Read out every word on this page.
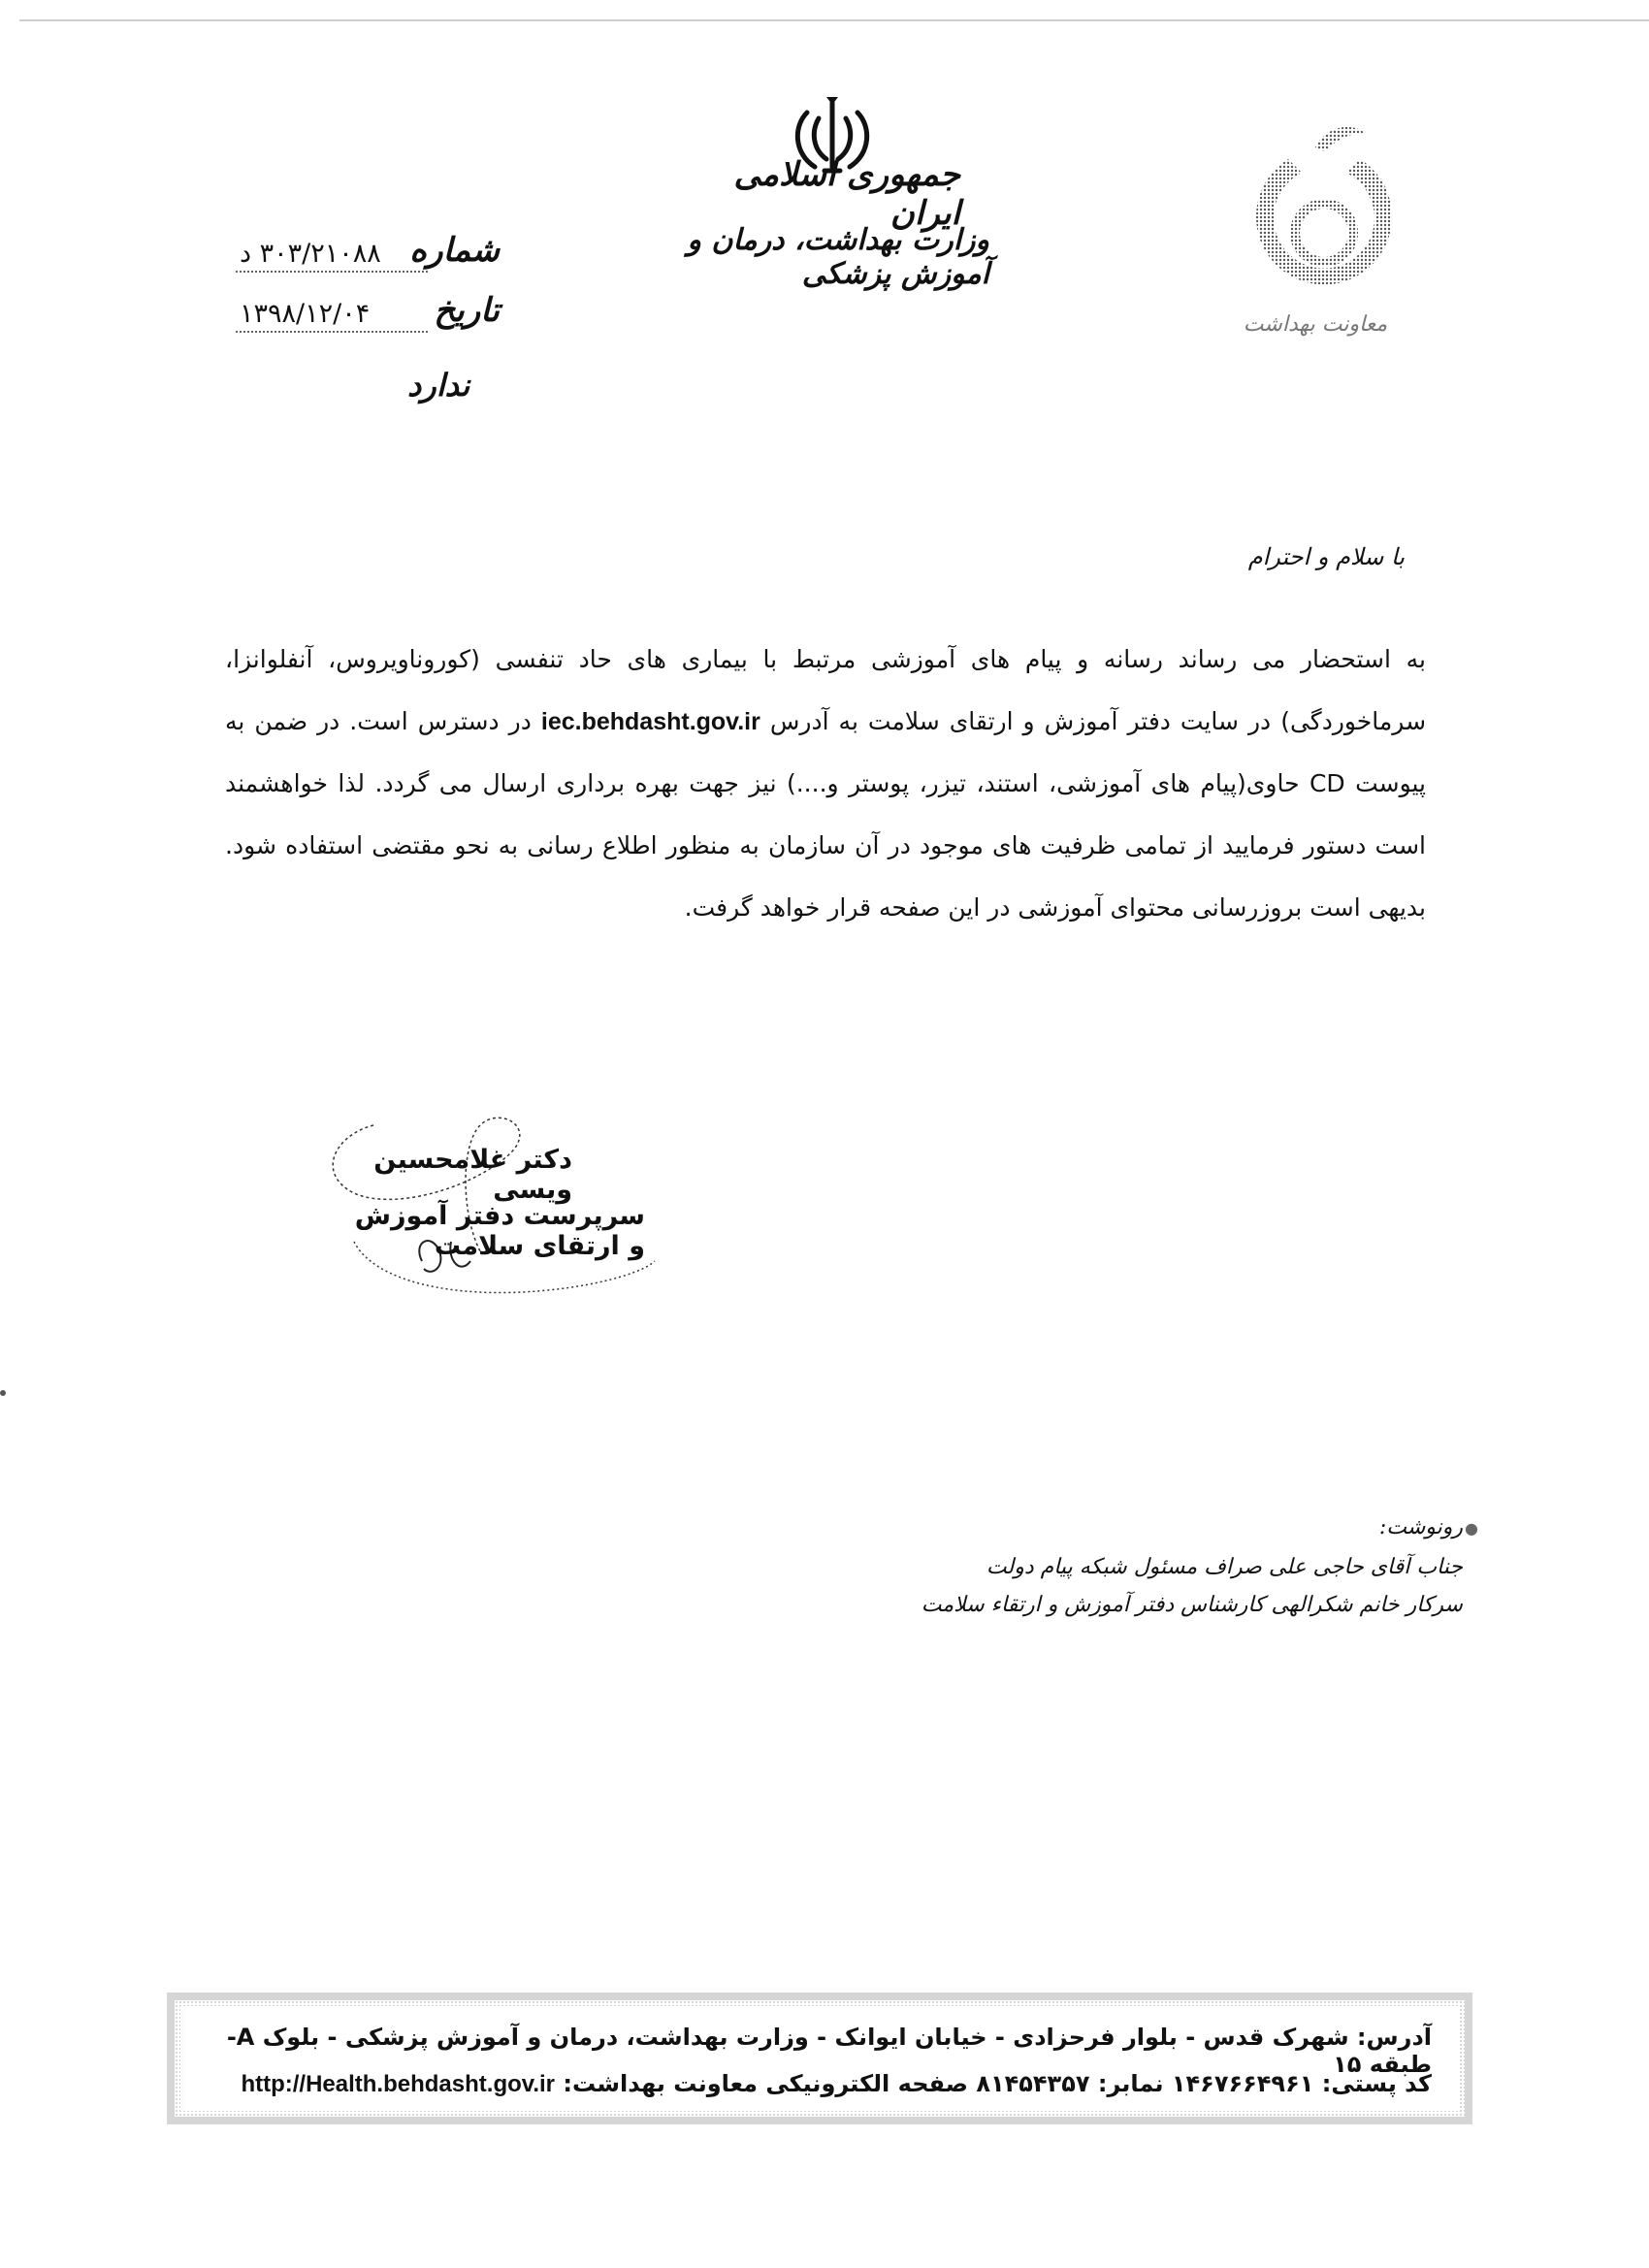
جمهوری اسلامی ایران
وزارت بهداشت، درمان و آموزش پزشکی
معاونت بهداشت
شماره
۳۰۳/۲۱۰۸۸ د
تاریخ
۱۳۹۸/۱۲/۰۴
ندارد
با سلام و احترام
به استحضار می رساند رسانه و پیام های آموزشی مرتبط با بیماری های حاد تنفسی (کوروناویروس، آنفلوانزا، سرماخوردگی) در سایت دفتر آموزش و ارتقای سلامت به آدرس iec.behdasht.gov.ir در دسترس است. در ضمن به پیوست CD حاوی(پیام های آموزشی، استند، تیزر، پوستر و....) نیز جهت بهره برداری ارسال می گردد. لذا خواهشمند است دستور فرمایید از تمامی ظرفیت های موجود در آن سازمان به منظور اطلاع رسانی به نحو مقتضی استفاده شود. بدیهی است بروزرسانی محتوای آموزشی در این صفحه قرار خواهد گرفت.
دکتر غلامحسین ویسی
سرپرست دفتر آموزش و ارتقای سلامت
رونوشت: ●
جناب آقای حاجی علی صراف مسئول شبکه پیام دولت
سرکار خانم شکرالهی کارشناس دفتر آموزش و ارتقاء سلامت
آدرس: شهرک قدس - بلوار فرحزادی - خیابان ایوانک - وزارت بهداشت، درمان و آموزش پزشکی - بلوک A- طبقه ۱۵
کد پستی: ۱۴۶۷۶۶۴۹۶۱ نمابر: ۸۱۴۵۴۳۵۷ صفحه الکترونیکی معاونت بهداشت: http://Health.behdasht.gov.ir
